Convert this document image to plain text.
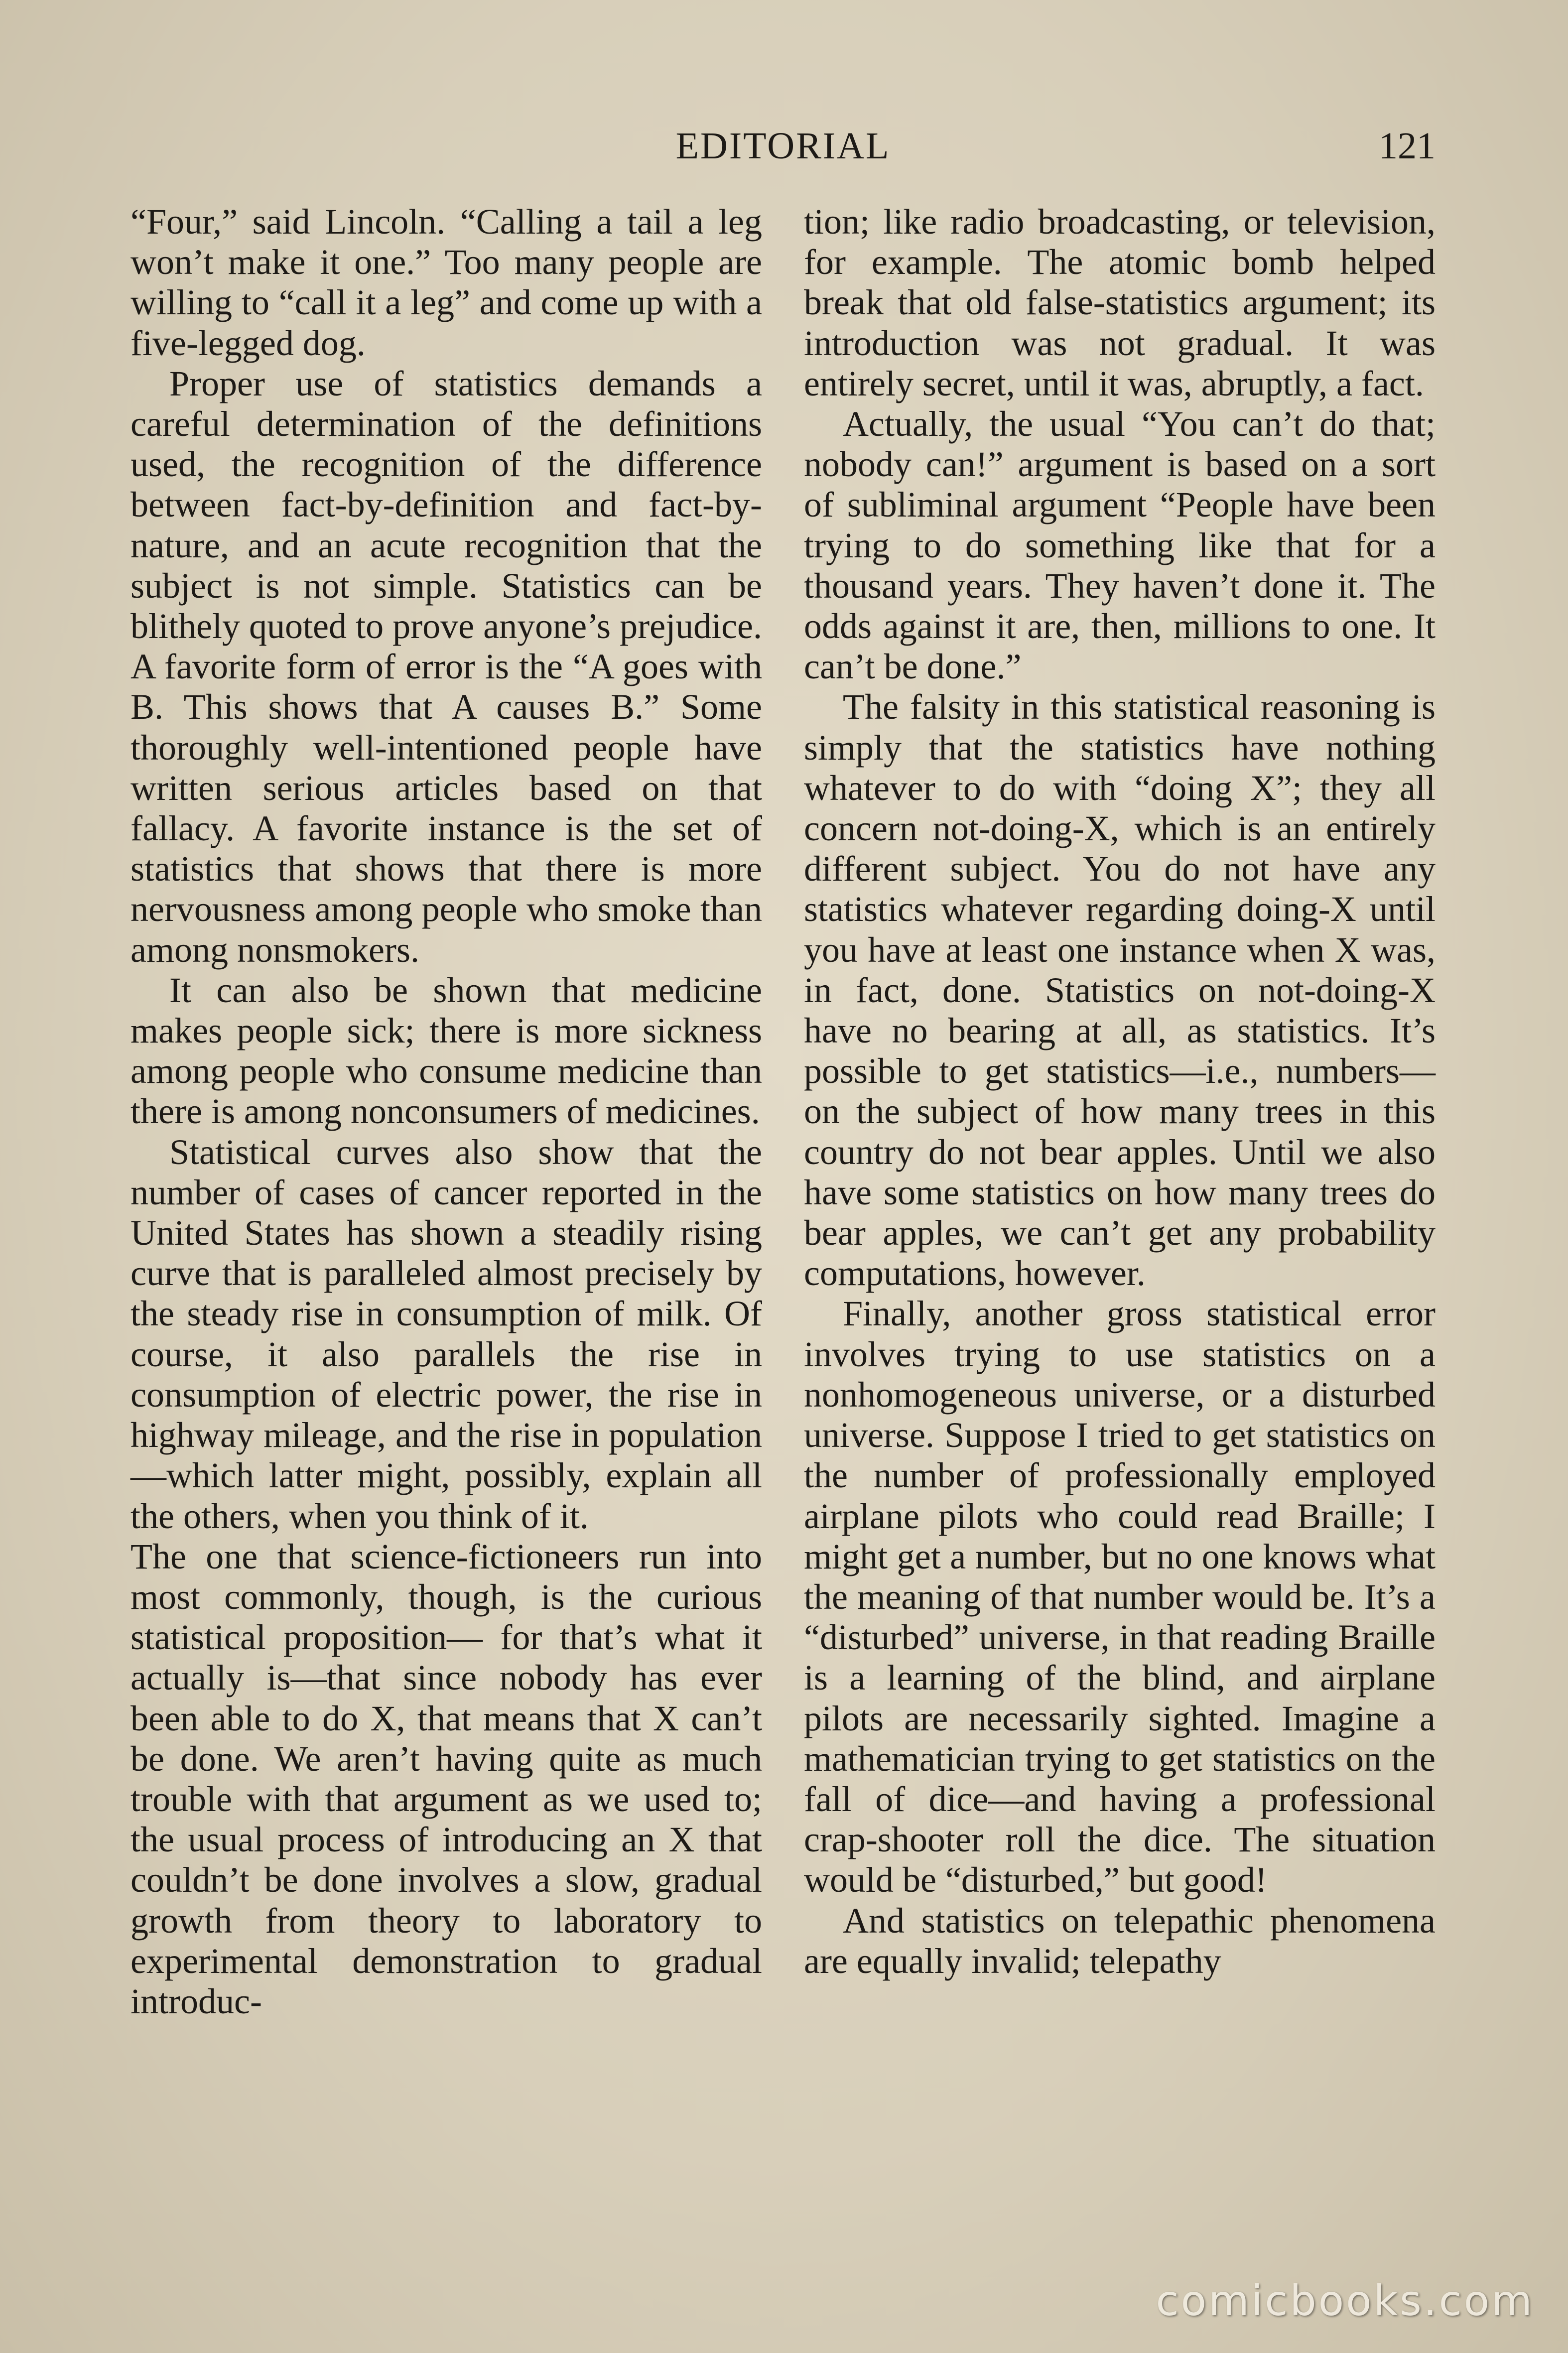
EDITORIAL	121

“Four,” said Lincoln. “Calling a tail a leg won’t make it one.” Too many people are willing to “call it a leg” and come up with a five-legged dog.

Proper use of statistics demands a careful determination of the definitions used, the recognition of the difference between fact-by-definition and fact-by-nature, and an acute recognition that the subject is not simple. Statistics can be blithely quoted to prove anyone’s prejudice. A favorite form of error is the “A goes with B. This shows that A causes B.” Some thoroughly well-intentioned people have written serious articles based on that fallacy. A favorite instance is the set of statistics that shows that there is more nervousness among people who smoke than among nonsmokers.

It can also be shown that medicine makes people sick; there is more sickness among people who consume medicine than there is among nonconsumers of medicines.

Statistical curves also show that the number of cases of cancer reported in the United States has shown a steadily rising curve that is paralleled almost precisely by the steady rise in consumption of milk. Of course, it also parallels the rise in consumption of electric power, the rise in highway mileage, and the rise in population —which latter might, possibly, explain all the others, when you think of it.

The one that science-fictioneers run into most commonly, though, is the curious statistical proposition— for that’s what it actually is—that since nobody has ever been able to do X, that means that X can’t be done. We aren’t having quite as much trouble with that argument as we used to; the usual process of introducing an X that couldn’t be done involves a slow, gradual growth from theory to laboratory to experimental demonstration to gradual introduc-

tion; like radio broadcasting, or television, for example. The atomic bomb helped break that old false-statistics argument; its introduction was not gradual. It was entirely secret, until it was, abruptly, a fact.

Actually, the usual “You can’t do that; nobody can!” argument is based on a sort of subliminal argument “People have been trying to do something like that for a thousand years. They haven’t done it. The odds against it are, then, millions to one. It can’t be done.”

The falsity in this statistical reasoning is simply that the statistics have nothing whatever to do with “doing X”; they all concern not-doing-X, which is an entirely different subject. You do not have any statistics whatever regarding doing-X until you have at least one instance when X was, in fact, done. Statistics on not-doing-X have no bearing at all, as statistics. It’s possible to get statistics—i.e., numbers—on the subject of how many trees in this country do not bear apples. Until we also have some statistics on how many trees do bear apples, we can’t get any probability computations, however.

Finally, another gross statistical error involves trying to use statistics on a nonhomogeneous universe, or a disturbed universe. Suppose I tried to get statistics on the number of professionally employed airplane pilots who could read Braille; I might get a number, but no one knows what the meaning of that number would be. It’s a “disturbed” universe, in that reading Braille is a learning of the blind, and airplane pilots are necessarily sighted. Imagine a mathematician trying to get statistics on the fall of dice—and having a professional crap-shooter roll the dice. The situation would be “disturbed,” but good!

And statistics on telepathic phenomena are equally invalid; telepathy

comicbooks.com
